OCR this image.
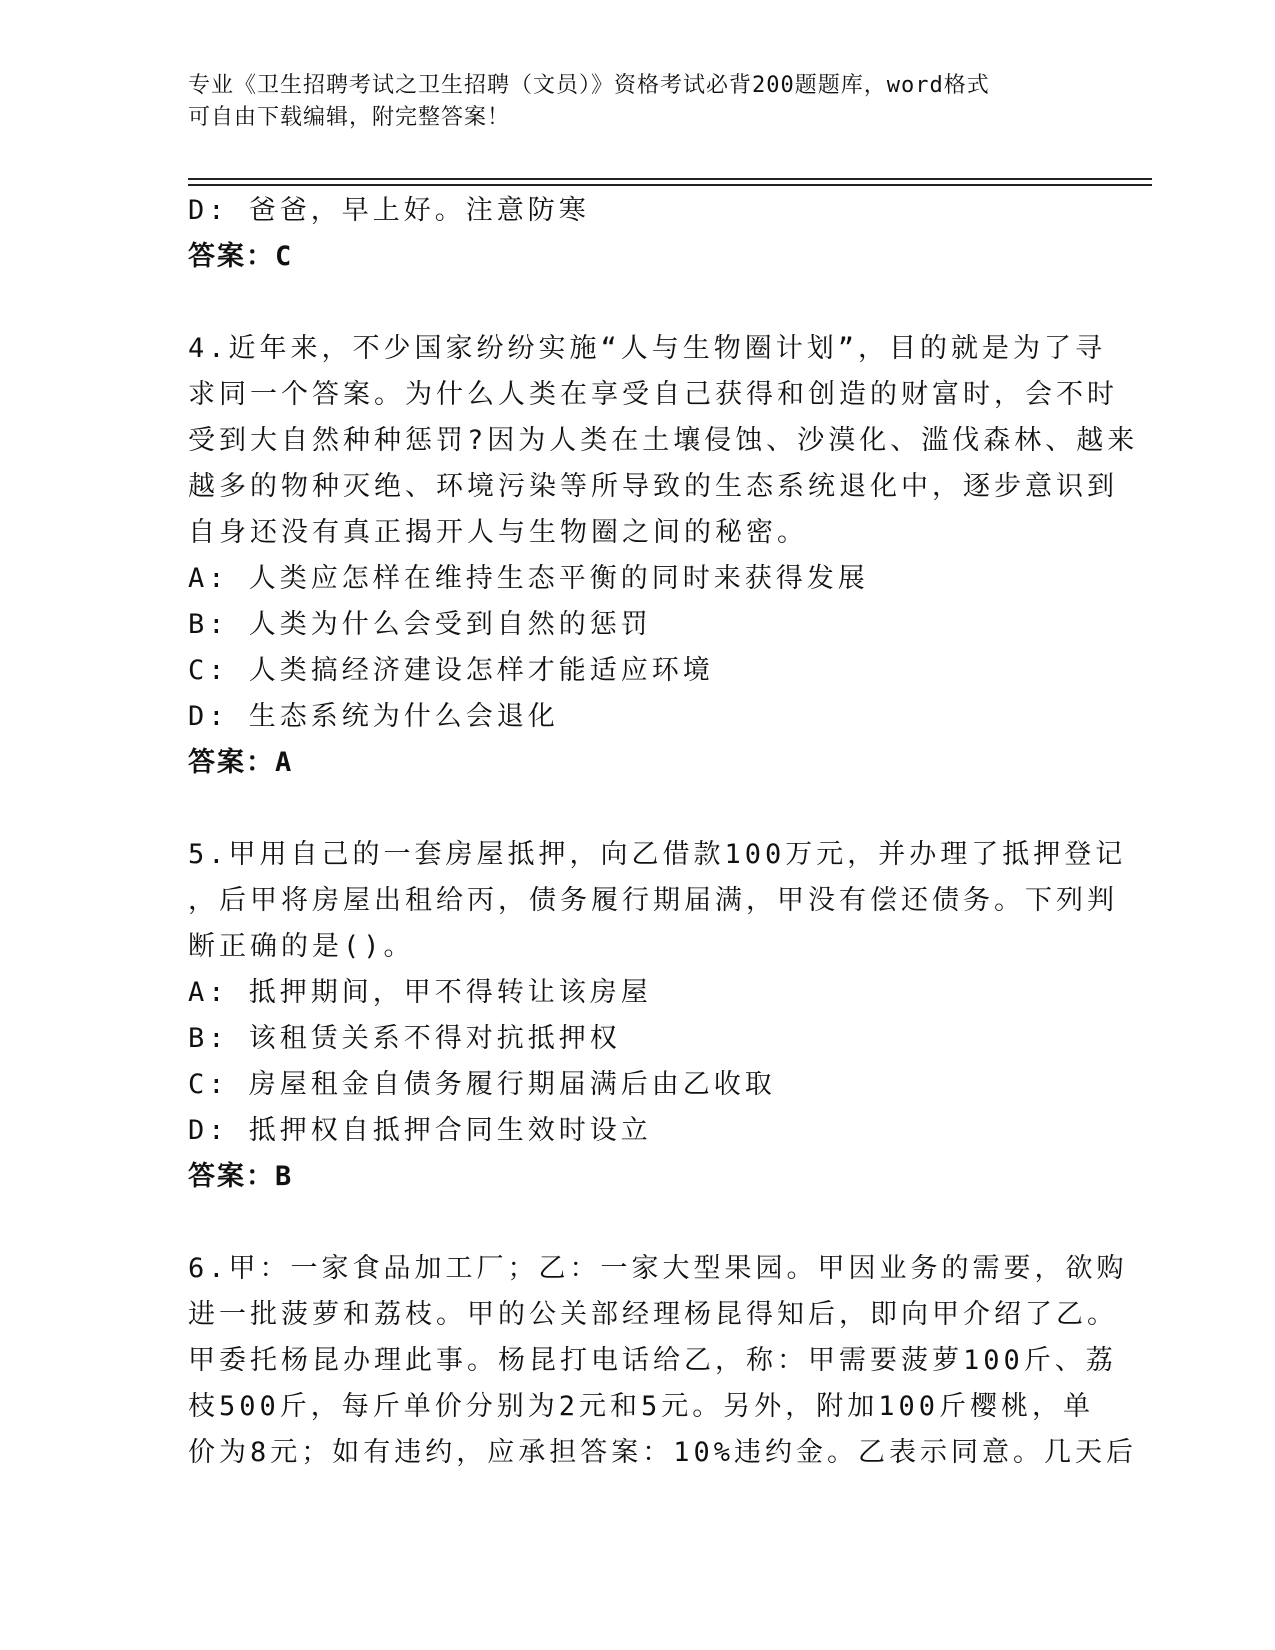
专业《卫生招聘考试之卫生招聘（文员）》资格考试必背200题题库，word格式
可自由下载编辑，附完整答案！
D: 爸爸，早上好。注意防寒
答案：C
4.近年来，不少国家纷纷实施“人与生物圈计划”，目的就是为了寻
求同一个答案。为什么人类在享受自己获得和创造的财富时，会不时
受到大自然种种惩罚?因为人类在土壤侵蚀、沙漠化、滥伐森林、越来
越多的物种灭绝、环境污染等所导致的生态系统退化中，逐步意识到
自身还没有真正揭开人与生物圈之间的秘密。
A: 人类应怎样在维持生态平衡的同时来获得发展
B: 人类为什么会受到自然的惩罚
C: 人类搞经济建设怎样才能适应环境
D: 生态系统为什么会退化
答案：A
5.甲用自己的一套房屋抵押，向乙借款100万元，并办理了抵押登记
，后甲将房屋出租给丙，债务履行期届满，甲没有偿还债务。下列判
断正确的是()。
A: 抵押期间，甲不得转让该房屋
B: 该租赁关系不得对抗抵押权
C: 房屋租金自债务履行期届满后由乙收取
D: 抵押权自抵押合同生效时设立
答案：B
6.甲：一家食品加工厂；乙：一家大型果园。甲因业务的需要，欲购
进一批菠萝和荔枝。甲的公关部经理杨昆得知后，即向甲介绍了乙。
甲委托杨昆办理此事。杨昆打电话给乙，称：甲需要菠萝100斤、荔
枝500斤，每斤单价分别为2元和5元。另外，附加100斤樱桃，单
价为8元；如有违约，应承担答案：10%违约金。乙表示同意。几天后
